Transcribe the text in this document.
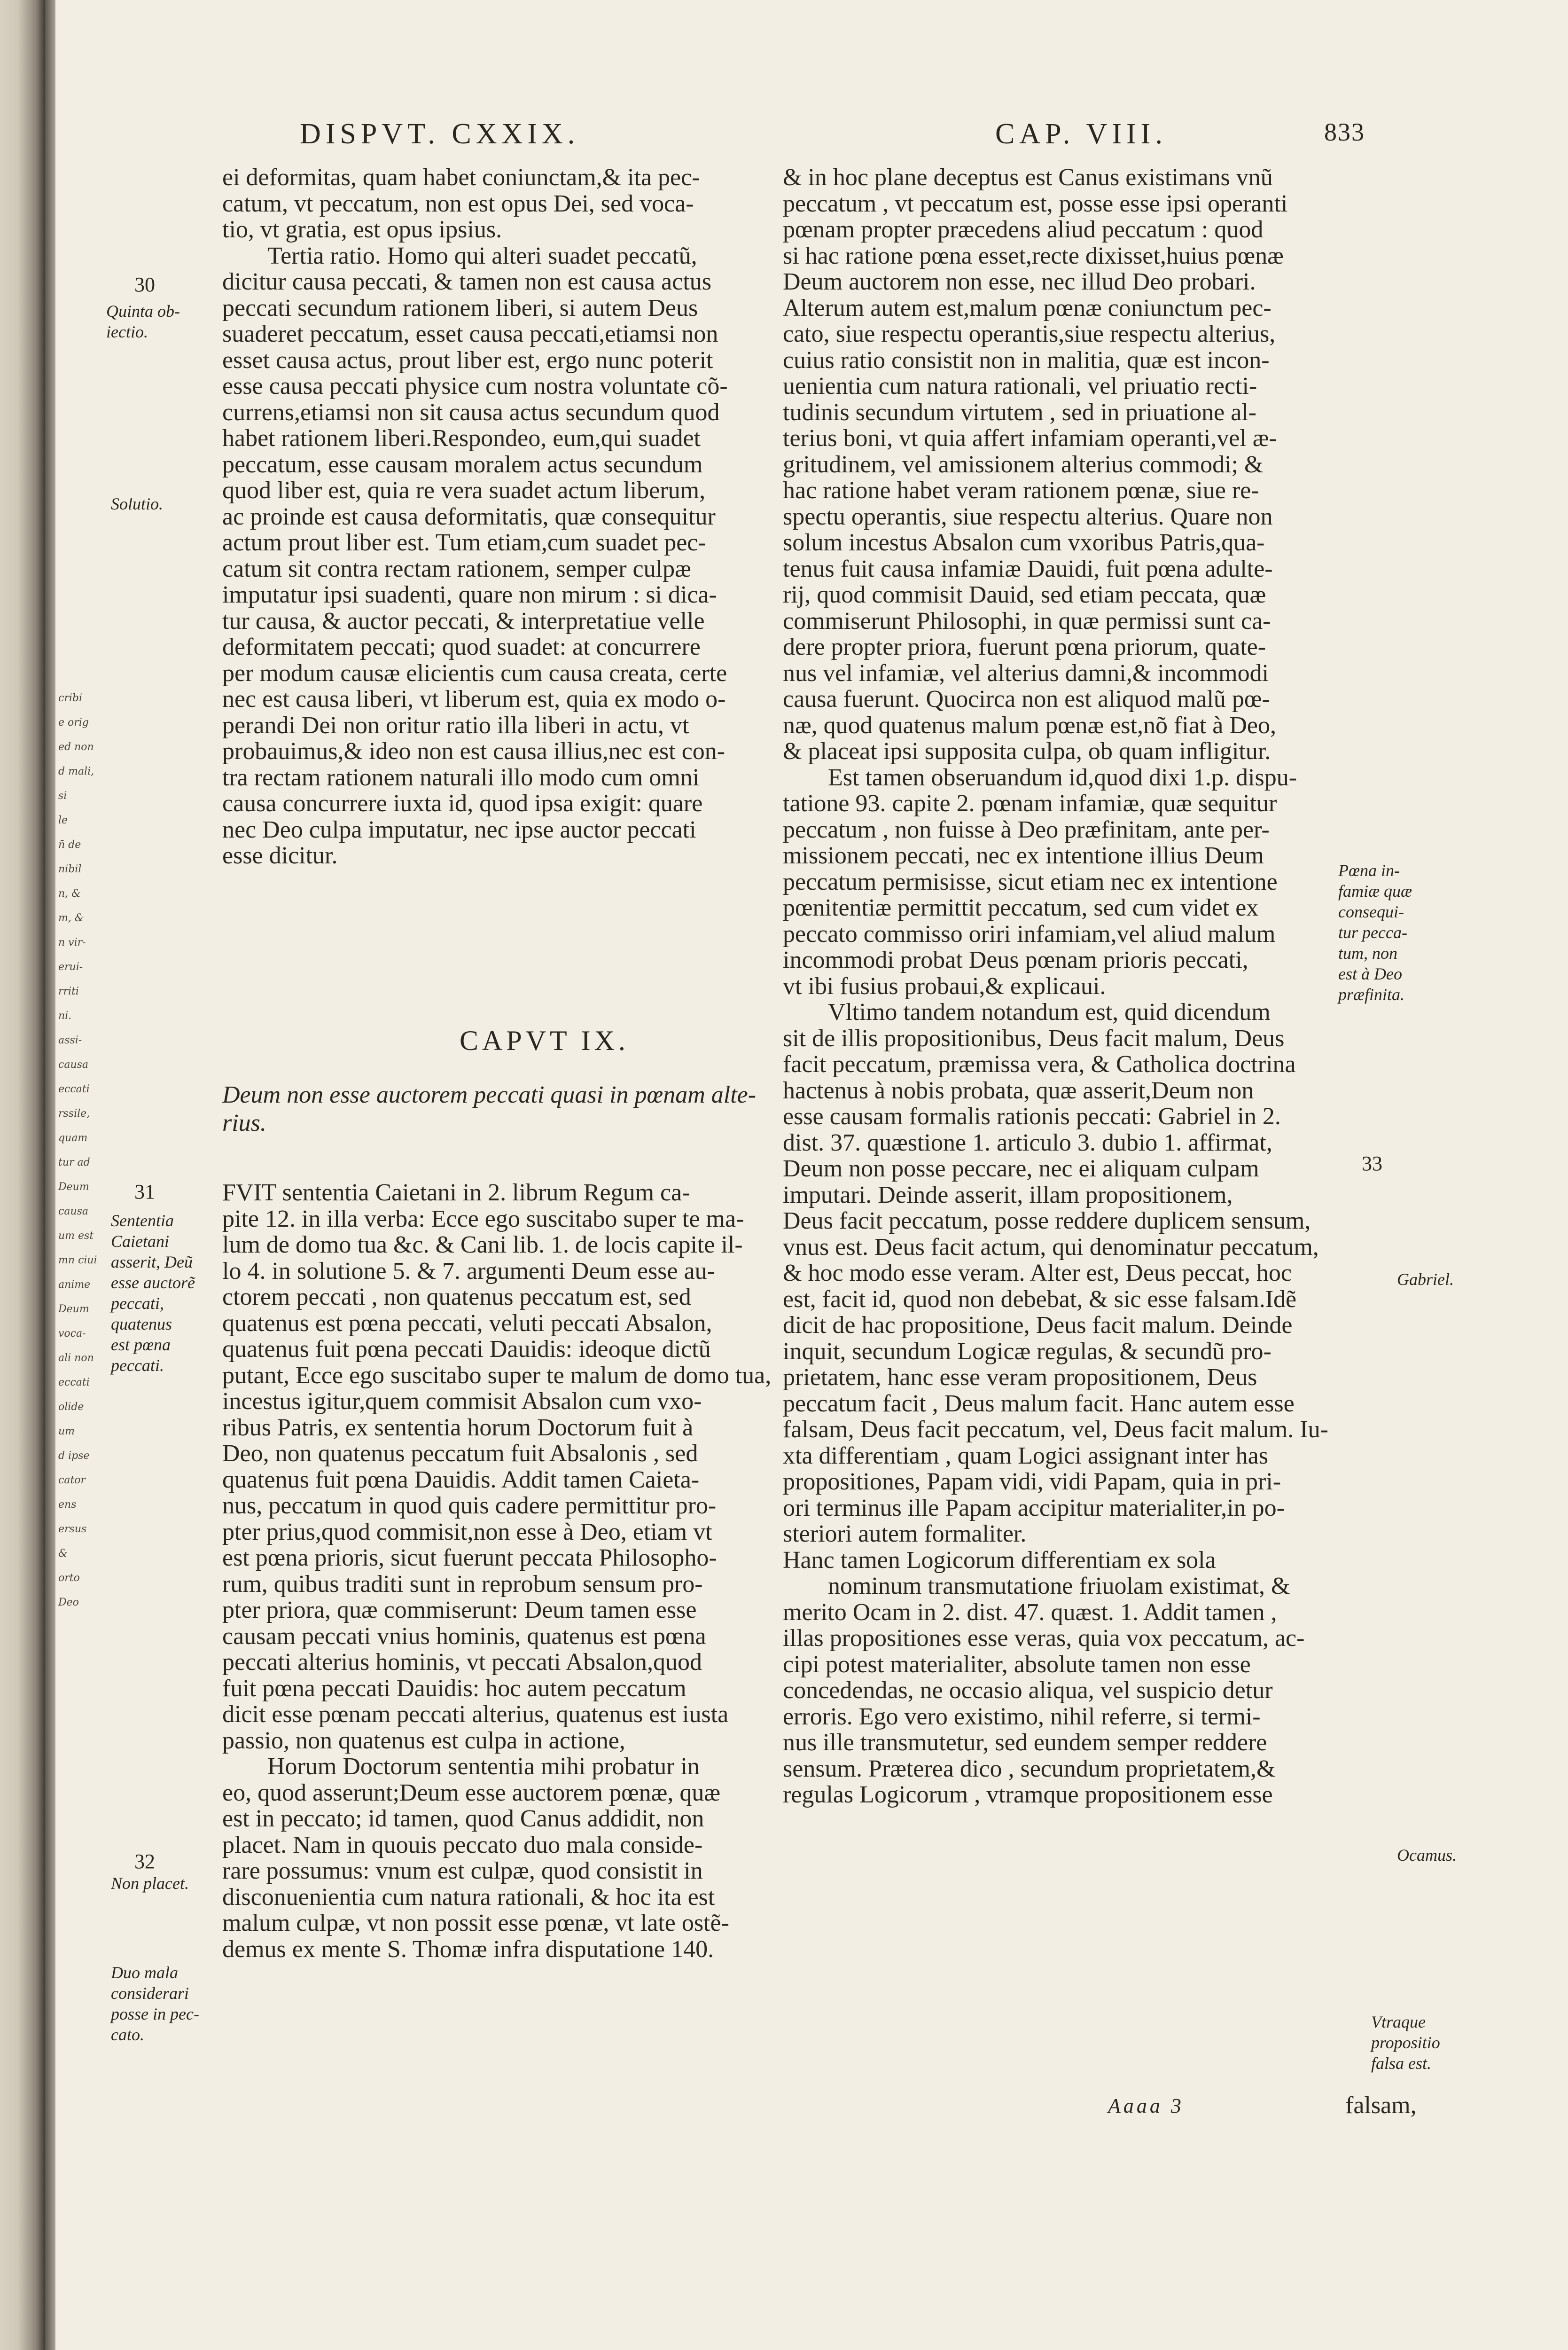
cribi
e orig
ed non
d mali,
si
le
n̄ de
nibil
n, &
m, &
n vir-
erui-
rriti
ni.
assi-
causa
eccati
rssile,
quam
tur ad
Deum
causa
um est
mn ciui
anime
Deum
voca-
ali non
eccati
olide
um
d ipse
cator
ens
ersus
&
orto
Deo
DISPVT. CXXIX.	CAP. VIII.	833
ei deformitas, quam habet coniunctam,& ita pec-
catum, vt peccatum, non est opus Dei, sed voca-
tio, vt gratia, est opus ipsius.
Tertia ratio. Homo qui alteri suadet peccatũ,
dicitur causa peccati, & tamen non est causa actus
peccati secundum rationem liberi, si autem Deus
suaderet peccatum, esset causa peccati,etiamsi non
esset causa actus, prout liber est, ergo nunc poterit
esse causa peccati physice cum nostra voluntate cõ-
currens,etiamsi non sit causa actus secundum quod
habet rationem liberi.Respondeo, eum,qui suadet
peccatum, esse causam moralem actus secundum
quod liber est, quia re vera suadet actum liberum,
ac proinde est causa deformitatis, quæ consequitur
actum prout liber est. Tum etiam,cum suadet pec-
catum sit contra rectam rationem, semper culpæ
imputatur ipsi suadenti, quare non mirum : si dica-
tur causa, & auctor peccati, & interpretatiue velle
deformitatem peccati; quod suadet: at concurrere
per modum causæ elicientis cum causa creata, certe
nec est causa liberi, vt liberum est, quia ex modo o-
perandi Dei non oritur ratio illa liberi in actu, vt
probauimus,& ideo non est causa illius,nec est con-
tra rectam rationem naturali illo modo cum omni
causa concurrere iuxta id, quod ipsa exigit: quare
nec Deo culpa imputatur, nec ipse auctor peccati
esse dicitur.
CAPVT IX.
Deum non esse auctorem peccati quasi in pœnam alte-
rius.
FVIT sententia Caietani in 2. librum Regum ca-
pite 12. in illa verba: Ecce ego suscitabo super te ma-
lum de domo tua &c. & Cani lib. 1. de locis capite il-
lo 4. in solutione 5. & 7. argumenti Deum esse au-
ctorem peccati , non quatenus peccatum est, sed
quatenus est pœna peccati, veluti peccati Absalon,
quatenus fuit pœna peccati Dauidis: ideoque dictũ
putant, Ecce ego suscitabo super te malum de domo tua,
incestus igitur,quem commisit Absalon cum vxo-
ribus Patris, ex sententia horum Doctorum fuit à
Deo, non quatenus peccatum fuit Absalonis , sed
quatenus fuit pœna Dauidis. Addit tamen Caieta-
nus, peccatum in quod quis cadere permittitur pro-
pter prius,quod commisit,non esse à Deo, etiam vt
est pœna prioris, sicut fuerunt peccata Philosopho-
rum, quibus traditi sunt in reprobum sensum pro-
pter priora, quæ commiserunt: Deum tamen esse
causam peccati vnius hominis, quatenus est pœna
peccati alterius hominis, vt peccati Absalon,quod
fuit pœna peccati Dauidis: hoc autem peccatum
dicit esse pœnam peccati alterius, quatenus est iusta
passio, non quatenus est culpa in actione,
Horum Doctorum sententia mihi probatur in
eo, quod asserunt;Deum esse auctorem pœnæ, quæ
est in peccato; id tamen, quod Canus addidit, non
placet. Nam in quouis peccato duo mala conside-
rare possumus: vnum est culpæ, quod consistit in
disconuenientia cum natura rationali, & hoc ita est
malum culpæ, vt non possit esse pœnæ, vt late ostẽ-
demus ex mente S. Thomæ infra disputatione 140.
& in hoc plane deceptus est Canus existimans vnũ
peccatum , vt peccatum est, posse esse ipsi operanti
pœnam propter præcedens aliud peccatum : quod
si hac ratione pœna esset,recte dixisset,huius pœnæ
Deum auctorem non esse, nec illud Deo probari.
Alterum autem est,malum pœnæ coniunctum pec-
cato, siue respectu operantis,siue respectu alterius,
cuius ratio consistit non in malitia, quæ est incon-
uenientia cum natura rationali, vel priuatio recti-
tudinis secundum virtutem , sed in priuatione al-
terius boni, vt quia affert infamiam operanti,vel æ-
gritudinem, vel amissionem alterius commodi; &
hac ratione habet veram rationem pœnæ, siue re-
spectu operantis, siue respectu alterius. Quare non
solum incestus Absalon cum vxoribus Patris,qua-
tenus fuit causa infamiæ Dauidi, fuit pœna adulte-
rij, quod commisit Dauid, sed etiam peccata, quæ
commiserunt Philosophi, in quæ permissi sunt ca-
dere propter priora, fuerunt pœna priorum, quate-
nus vel infamiæ, vel alterius damni,& incommodi
causa fuerunt. Quocirca non est aliquod malũ pœ-
næ, quod quatenus malum pœnæ est,nõ fiat à Deo,
& placeat ipsi supposita culpa, ob quam infligitur.
Est tamen obseruandum id,quod dixi 1.p. dispu-
tatione 93. capite 2. pœnam infamiæ, quæ sequitur
peccatum , non fuisse à Deo præfinitam, ante per-
missionem peccati, nec ex intentione illius Deum
peccatum permisisse, sicut etiam nec ex intentione
pœnitentiæ permittit peccatum, sed cum videt ex
peccato commisso oriri infamiam,vel aliud malum
incommodi probat Deus pœnam prioris peccati,
vt ibi fusius probaui,& explicaui.
Vltimo tandem notandum est, quid dicendum
sit de illis propositionibus, Deus facit malum, Deus
facit peccatum, præmissa vera, & Catholica doctrina
hactenus à nobis probata, quæ asserit,Deum non
esse causam formalis rationis peccati: Gabriel in 2.
dist. 37. quæstione 1. articulo 3. dubio 1. affirmat,
Deum non posse peccare, nec ei aliquam culpam
imputari. Deinde asserit, illam propositionem,
Deus facit peccatum, posse reddere duplicem sensum,
vnus est. Deus facit actum, qui denominatur peccatum,
& hoc modo esse veram. Alter est, Deus peccat, hoc
est, facit id, quod non debebat, & sic esse falsam.Idẽ
dicit de hac propositione, Deus facit malum. Deinde
inquit, secundum Logicæ regulas, & secundũ pro-
prietatem, hanc esse veram propositionem, Deus
peccatum facit , Deus malum facit. Hanc autem esse
falsam, Deus facit peccatum, vel, Deus facit malum. Iu-
xta differentiam , quam Logici assignant inter has
propositiones, Papam vidi, vidi Papam, quia in pri-
ori terminus ille Papam accipitur materialiter,in po-
steriori autem formaliter.
Hanc tamen Logicorum differentiam ex sola
nominum transmutatione friuolam existimat, &
merito Ocam in 2. dist. 47. quæst. 1. Addit tamen ,
illas propositiones esse veras, quia vox peccatum, ac-
cipi potest materialiter, absolute tamen non esse
concedendas, ne occasio aliqua, vel suspicio detur
erroris. Ego vero existimo, nihil referre, si termi-
nus ille transmutetur, sed eundem semper reddere
sensum. Præterea dico , secundum proprietatem,&
regulas Logicorum , vtramque propositionem esse
30
Quinta ob-
iectio.
Solutio.
31
Sententia
Caietani
asserit, Deũ
esse auctorẽ
peccati,
quatenus
est pœna
peccati.
32
Non placet.
Duo mala
considerari
posse in pec-
cato.
Pœna in-
famiæ quæ
consequi-
tur pecca-
tum, non
est à Deo
præfinita.
33
Gabriel.
Ocamus.
Vtraque
propositio
falsa est.
Aaaa 3	falsam,
